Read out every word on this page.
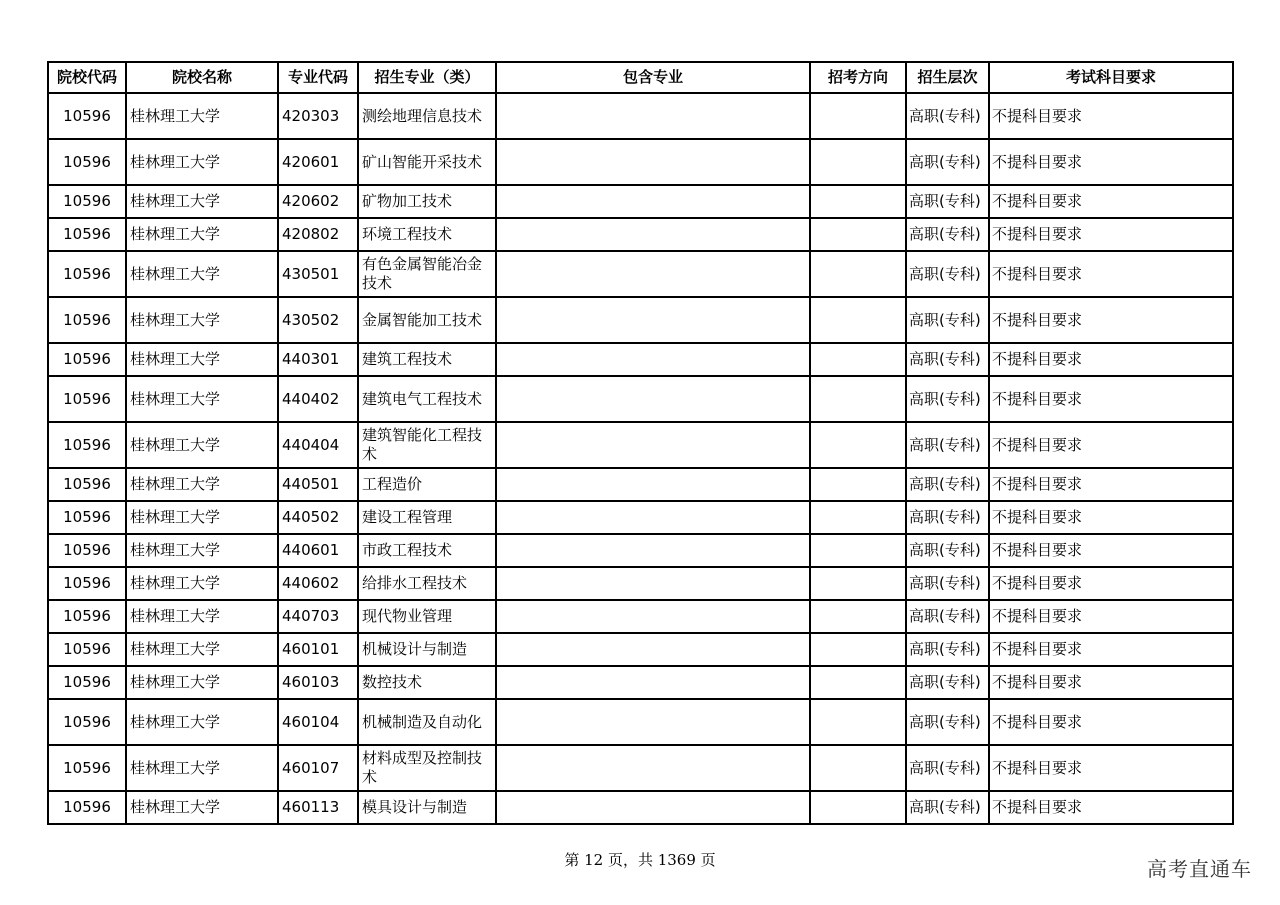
院校代码	院校名称	专业代码	招生专业（类）	包含专业	招考方向	招生层次	考试科目要求
10596	桂林理工大学	420303	测绘地理信息技术			高职(专科)	不提科目要求
10596	桂林理工大学	420601	矿山智能开采技术			高职(专科)	不提科目要求
10596	桂林理工大学	420602	矿物加工技术			高职(专科)	不提科目要求
10596	桂林理工大学	420802	环境工程技术			高职(专科)	不提科目要求
10596	桂林理工大学	430501	有色金属智能冶金技术			高职(专科)	不提科目要求
10596	桂林理工大学	430502	金属智能加工技术			高职(专科)	不提科目要求
10596	桂林理工大学	440301	建筑工程技术			高职(专科)	不提科目要求
10596	桂林理工大学	440402	建筑电气工程技术			高职(专科)	不提科目要求
10596	桂林理工大学	440404	建筑智能化工程技术			高职(专科)	不提科目要求
10596	桂林理工大学	440501	工程造价			高职(专科)	不提科目要求
10596	桂林理工大学	440502	建设工程管理			高职(专科)	不提科目要求
10596	桂林理工大学	440601	市政工程技术			高职(专科)	不提科目要求
10596	桂林理工大学	440602	给排水工程技术			高职(专科)	不提科目要求
10596	桂林理工大学	440703	现代物业管理			高职(专科)	不提科目要求
10596	桂林理工大学	460101	机械设计与制造			高职(专科)	不提科目要求
10596	桂林理工大学	460103	数控技术			高职(专科)	不提科目要求
10596	桂林理工大学	460104	机械制造及自动化			高职(专科)	不提科目要求
10596	桂林理工大学	460107	材料成型及控制技术			高职(专科)	不提科目要求
10596	桂林理工大学	460113	模具设计与制造			高职(专科)	不提科目要求
第 12 页，共 1369 页	高考直通车
